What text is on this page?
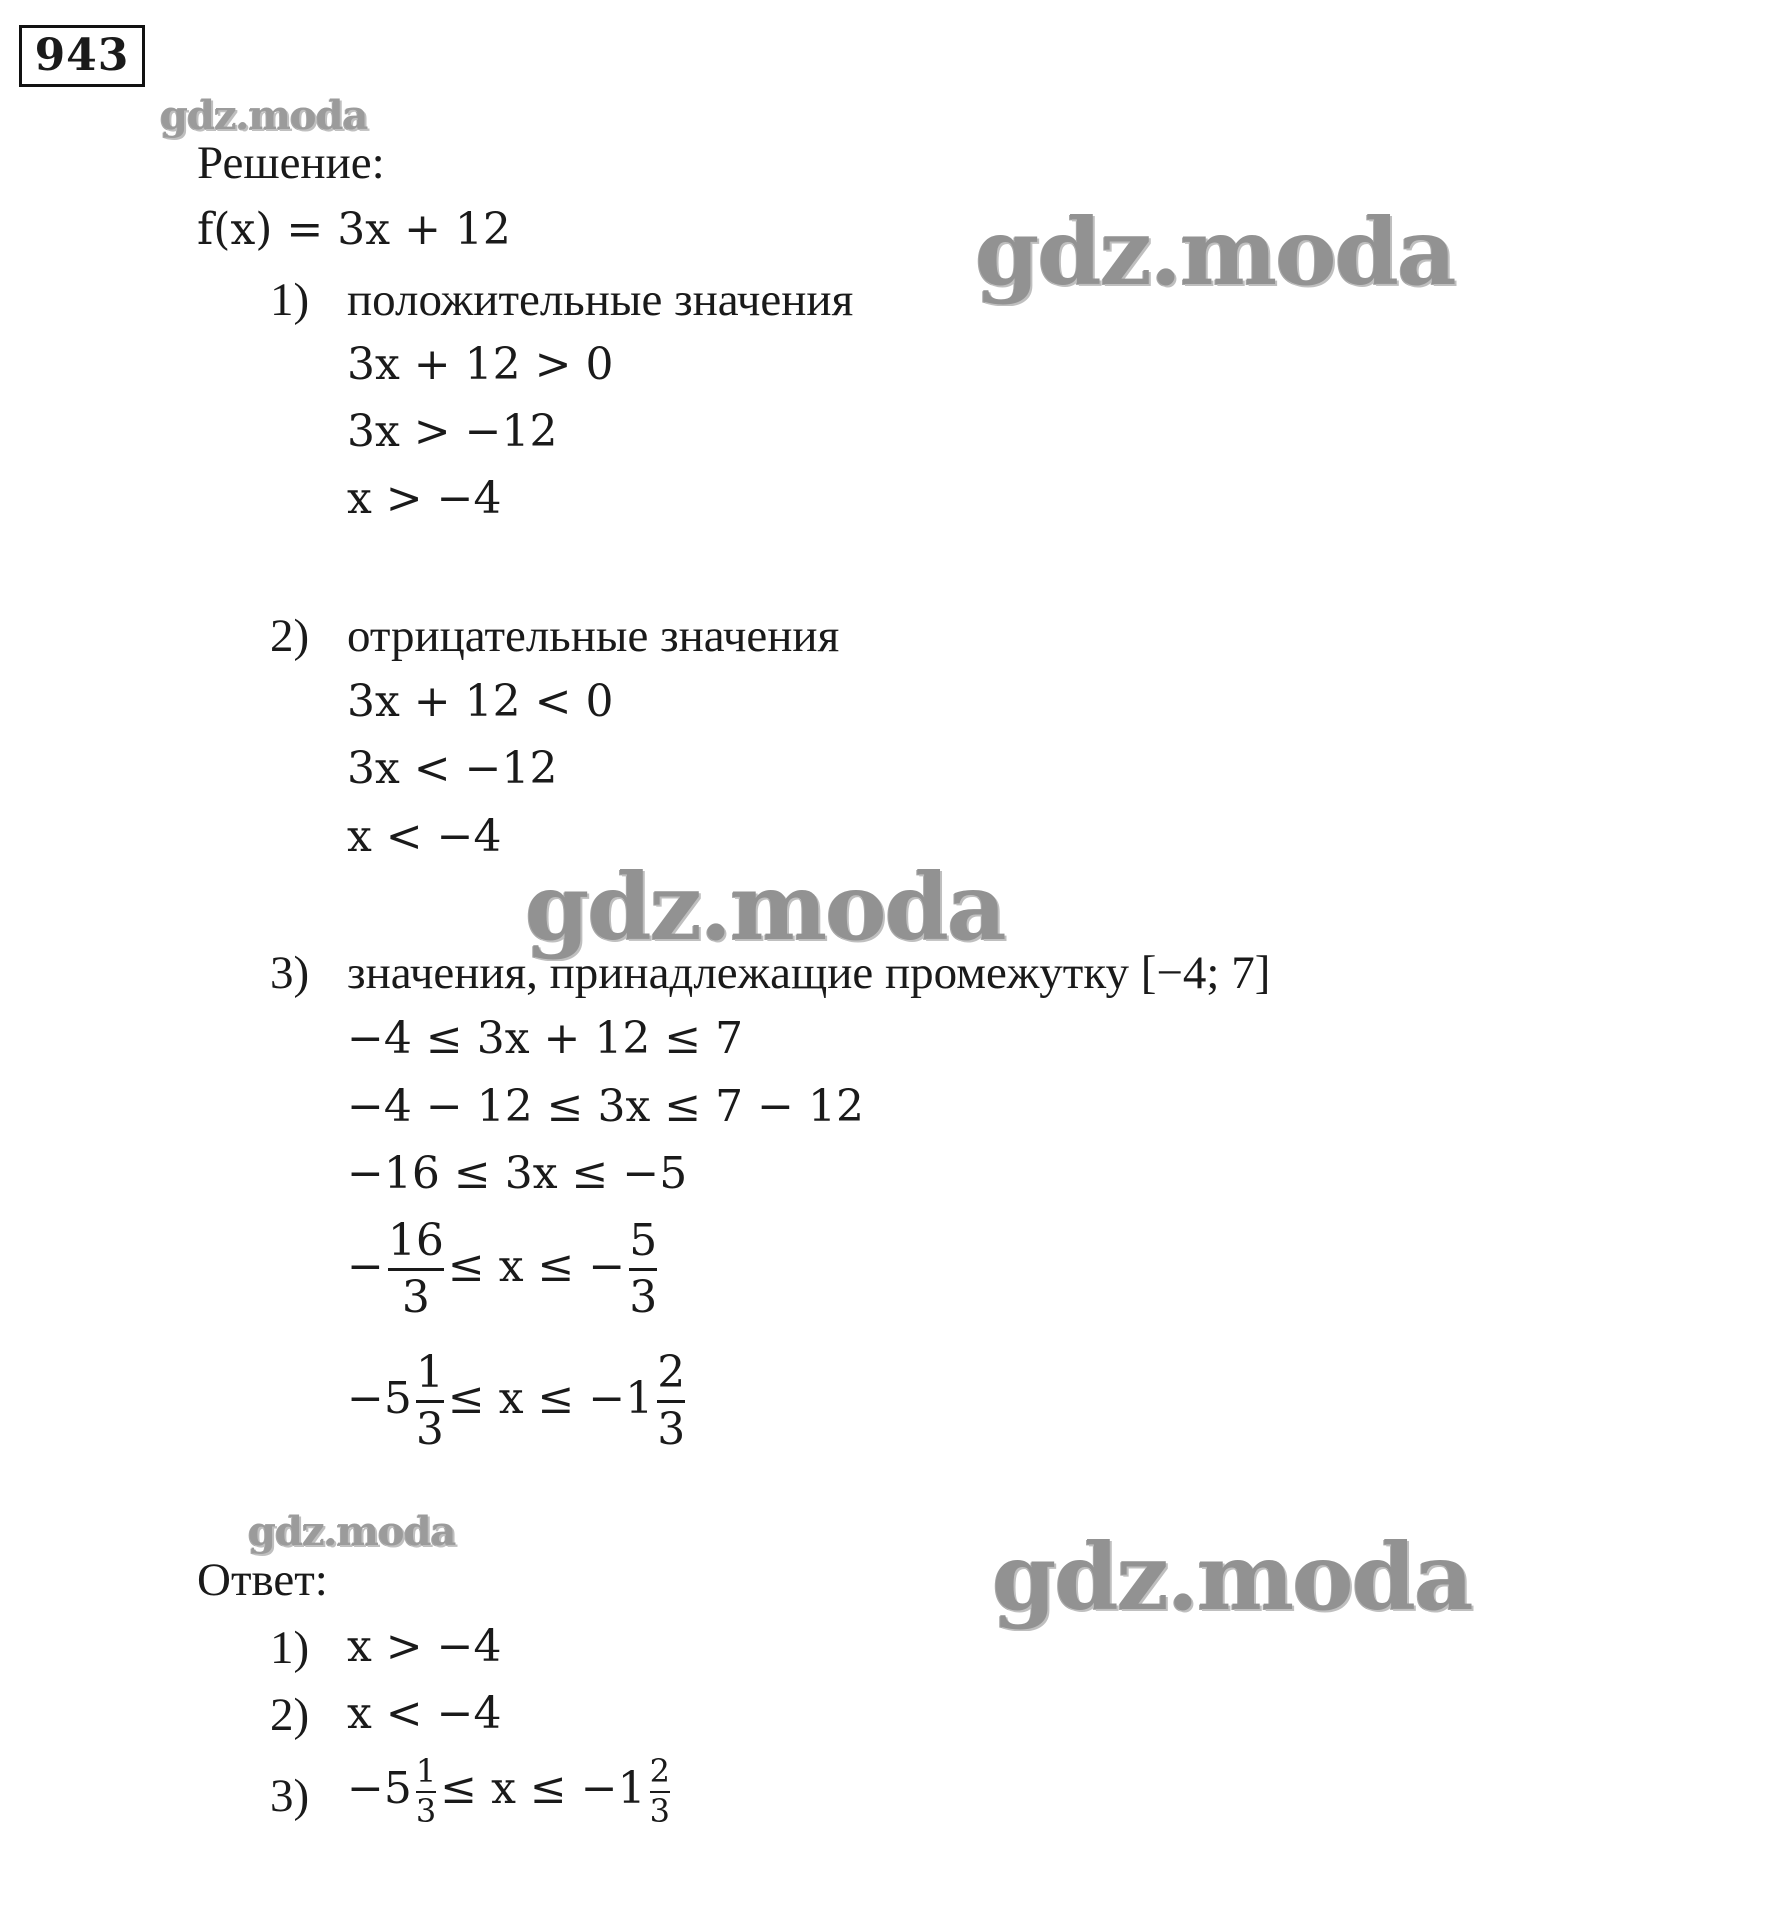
943
gdz.moda
gdz.moda
gdz.moda
gdz.moda	gdz.moda
Решение:
f(x) = 3x + 12
1) положительные значения
3x + 12 > 0
3x > −12
x > −4
2) отрицательные значения
3x + 12 < 0
3x < −12
x < −4
3) значения, принадлежащие промежутку [−4; 7]
−4 ≤ 3x + 12 ≤ 7
−4 − 12 ≤ 3x ≤ 7 − 12
−16 ≤ 3x ≤ −5
− $\frac{16}{3} \le x$ ≤ − $\frac{5}{3}$
$-5 \frac{1}{3} \le x \le -1 \frac{2}{3}$
Ответ:
1) x > −4
2) x < −4
$3) -5 \frac{1}{3} \le x \le -1 \frac{2}{3}$
